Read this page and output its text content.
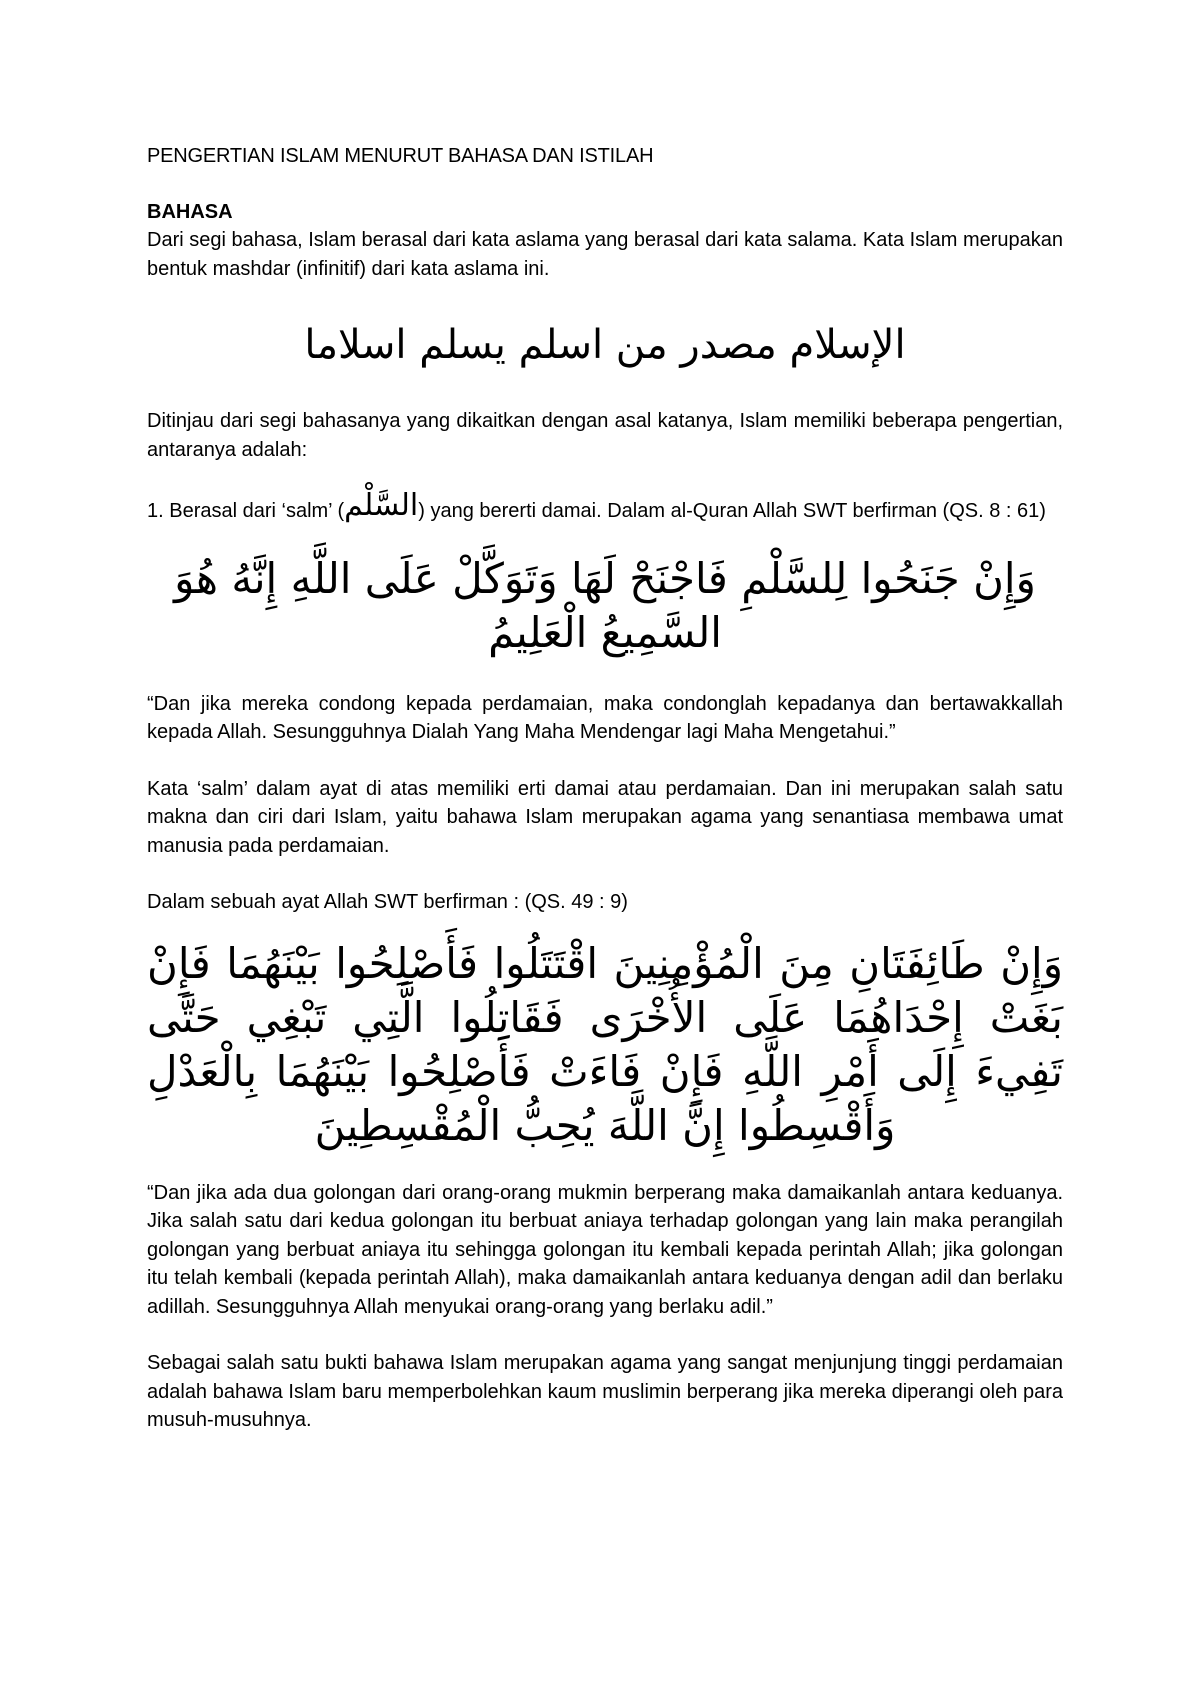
PENGERTIAN ISLAM MENURUT BAHASA DAN ISTILAH
BAHASA

Dari segi bahasa, Islam berasal dari kata aslama yang berasal dari kata salama. Kata Islam merupakan bentuk mashdar (infinitif) dari kata aslama ini.

الإسلام مصدر من اسلم يسلم اسلاما

Ditinjau dari segi bahasanya yang dikaitkan dengan asal katanya, Islam memiliki beberapa pengertian, antaranya adalah:

1. Berasal dari ‘salm’ (السَّلْم) yang bererti damai. Dalam al-Quran Allah SWT berfirman (QS. 8 : 61)

وَإِنْ جَنَحُوا لِلسَّلْمِ فَاجْنَحْ لَهَا وَتَوَكَّلْ عَلَى اللَّهِ إِنَّهُ هُوَ السَّمِيعُ الْعَلِيمُ

“Dan jika mereka condong kepada perdamaian, maka condonglah kepadanya dan bertawakkallah kepada Allah. Sesungguhnya Dialah Yang Maha Mendengar lagi Maha Mengetahui.”

Kata ‘salm’ dalam ayat di atas memiliki erti damai atau perdamaian. Dan ini merupakan salah satu makna dan ciri dari Islam, yaitu bahawa Islam merupakan agama yang senantiasa membawa umat manusia pada perdamaian.

Dalam sebuah ayat Allah SWT berfirman : (QS. 49 : 9)

وَإِنْ طَائِفَتَانِ مِنَ الْمُؤْمِنِينَ اقْتَتَلُوا فَأَصْلِحُوا بَيْنَهُمَا فَإِنْ بَغَتْ إِحْدَاهُمَا عَلَى الأُخْرَى فَقَاتِلُوا الَّتِي تَبْغِي حَتَّى تَفِيءَ إِلَى أَمْرِ اللَّهِ فَإِنْ فَاءَتْ فَأَصْلِحُوا بَيْنَهُمَا بِالْعَدْلِ وَأَقْسِطُوا إِنَّ اللَّهَ يُحِبُّ الْمُقْسِطِينَ

“Dan jika ada dua golongan dari orang-orang mukmin berperang maka damaikanlah antara keduanya. Jika salah satu dari kedua golongan itu berbuat aniaya terhadap golongan yang lain maka perangilah golongan yang berbuat aniaya itu sehingga golongan itu kembali kepada perintah Allah; jika golongan itu telah kembali (kepada perintah Allah), maka damaikanlah antara keduanya dengan adil dan berlaku adillah. Sesungguhnya Allah menyukai orang-orang yang berlaku adil.”

Sebagai salah satu bukti bahawa Islam merupakan agama yang sangat menjunjung tinggi perdamaian adalah bahawa Islam baru memperbolehkan kaum muslimin berperang jika mereka diperangi oleh para musuh-musuhnya.
